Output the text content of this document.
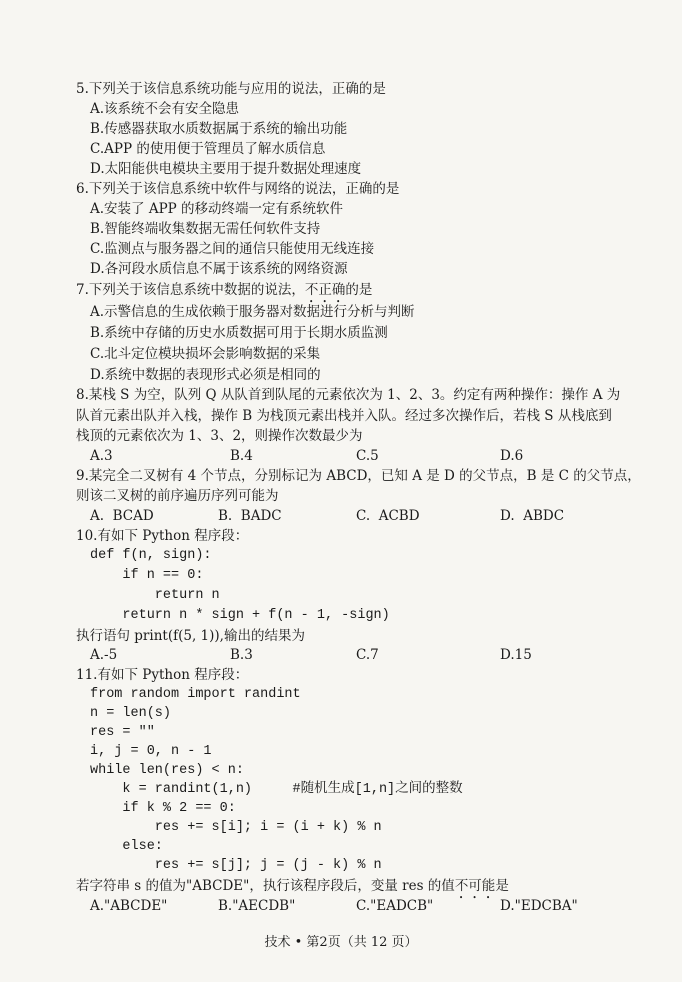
5.下列关于该信息系统功能与应用的说法，正确的是
A.该系统不会有安全隐患
B.传感器获取水质数据属于系统的输出功能
C.APP 的使用便于管理员了解水质信息
D.太阳能供电模块主要用于提升数据处理速度
6.下列关于该信息系统中软件与网络的说法，正确的是
A.安装了 APP 的移动终端一定有系统软件
B.智能终端收集数据无需任何软件支持
C.监测点与服务器之间的通信只能使用无线连接
D.各河段水质信息不属于该系统的网络资源
7.下列关于该信息系统中数据的说法，不正确的是
A.示警信息的生成依赖于服务器对数据进行分析与判断
B.系统中存储的历史水质数据可用于长期水质监测
C.北斗定位模块损坏会影响数据的采集
D.系统中数据的表现形式必须是相同的
8.某栈 S 为空，队列 Q 从队首到队尾的元素依次为 1、2、3。约定有两种操作：操作 A 为
队首元素出队并入栈，操作 B 为栈顶元素出栈并入队。经过多次操作后，若栈 S 从栈底到
栈顶的元素依次为 1、3、2，则操作次数最少为
A.3	B.4	C.5	D.6
9.某完全二叉树有 4 个节点，分别标记为 ABCD，已知 A 是 D 的父节点，B 是 C 的父节点，
则该二叉树的前序遍历序列可能为
A.  BCAD	B.  BADC	C.  ACBD	D.  ABDC
10.有如下 Python 程序段：
def f(n, sign):
if n == 0:
return n
return n * sign + f(n - 1, -sign)
执行语句 print(f(5, 1)),输出的结果为
A.-5	B.3	C.7	D.15
11.有如下 Python 程序段：
from random import randint
n = len(s)
res = ""
i, j = 0, n - 1
while len(res) < n:
k = randint(1,n)     #随机生成[1,n]之间的整数
if k % 2 == 0:
res += s[i]; i = (i + k) % n
else:
res += s[j]; j = (j - k) % n
若字符串 s 的值为"ABCDE"，执行该程序段后，变量 res 的值不可能是
A."ABCDE"	B."AECDB"	C."EADCB"	D."EDCBA"
技术 • 第2页（共 12 页）
